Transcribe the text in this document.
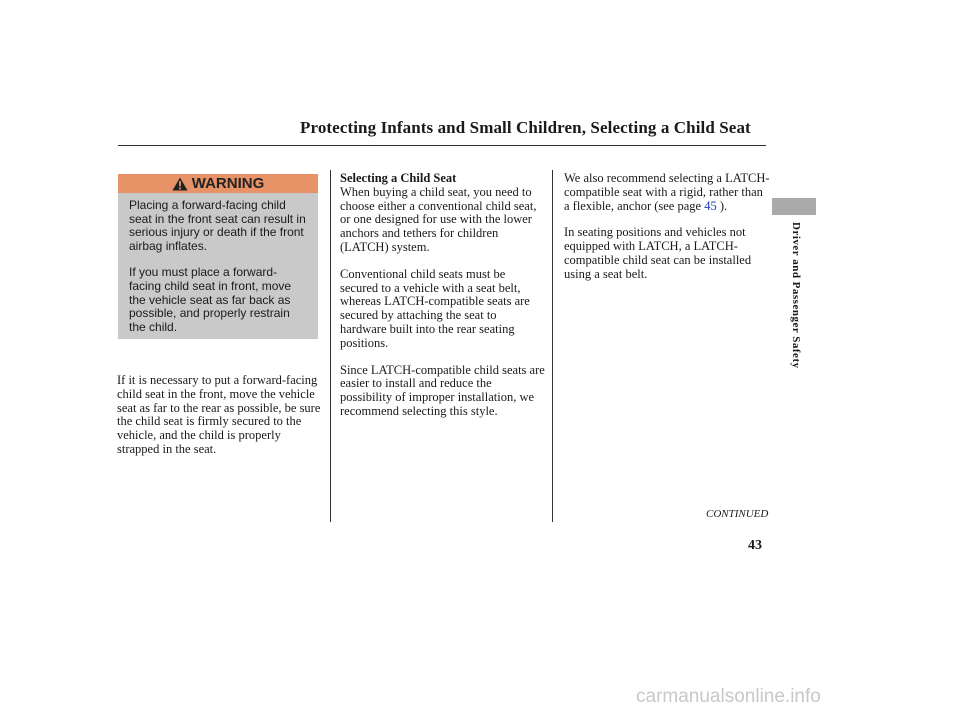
Protecting Infants and Small Children, Selecting a Child Seat
Driver and Passenger Safety
WARNING

Placing a forward-facing child seat in the front seat can result in serious injury or death if the front airbag inflates.

If you must place a forward-facing child seat in front, move the vehicle seat as far back as possible, and properly restrain the child.

If it is necessary to put a forward-facing child seat in the front, move the vehicle seat as far to the rear as possible, be sure the child seat is firmly secured to the vehicle, and the child is properly strapped in the seat.

Selecting a Child Seat

When buying a child seat, you need to choose either a conventional child seat, or one designed for use with the lower anchors and tethers for children (LATCH) system.

Conventional child seats must be secured to a vehicle with a seat belt, whereas LATCH-compatible seats are secured by attaching the seat to hardware built into the rear seating positions.

Since LATCH-compatible child seats are easier to install and reduce the possibility of improper installation, we recommend selecting this style.

We also recommend selecting a LATCH-compatible seat with a rigid, rather than a flexible, anchor (see page 45 ).

In seating positions and vehicles not equipped with LATCH, a LATCH-compatible child seat can be installed using a seat belt.

CONTINUED
43
carmanualsonline.info
